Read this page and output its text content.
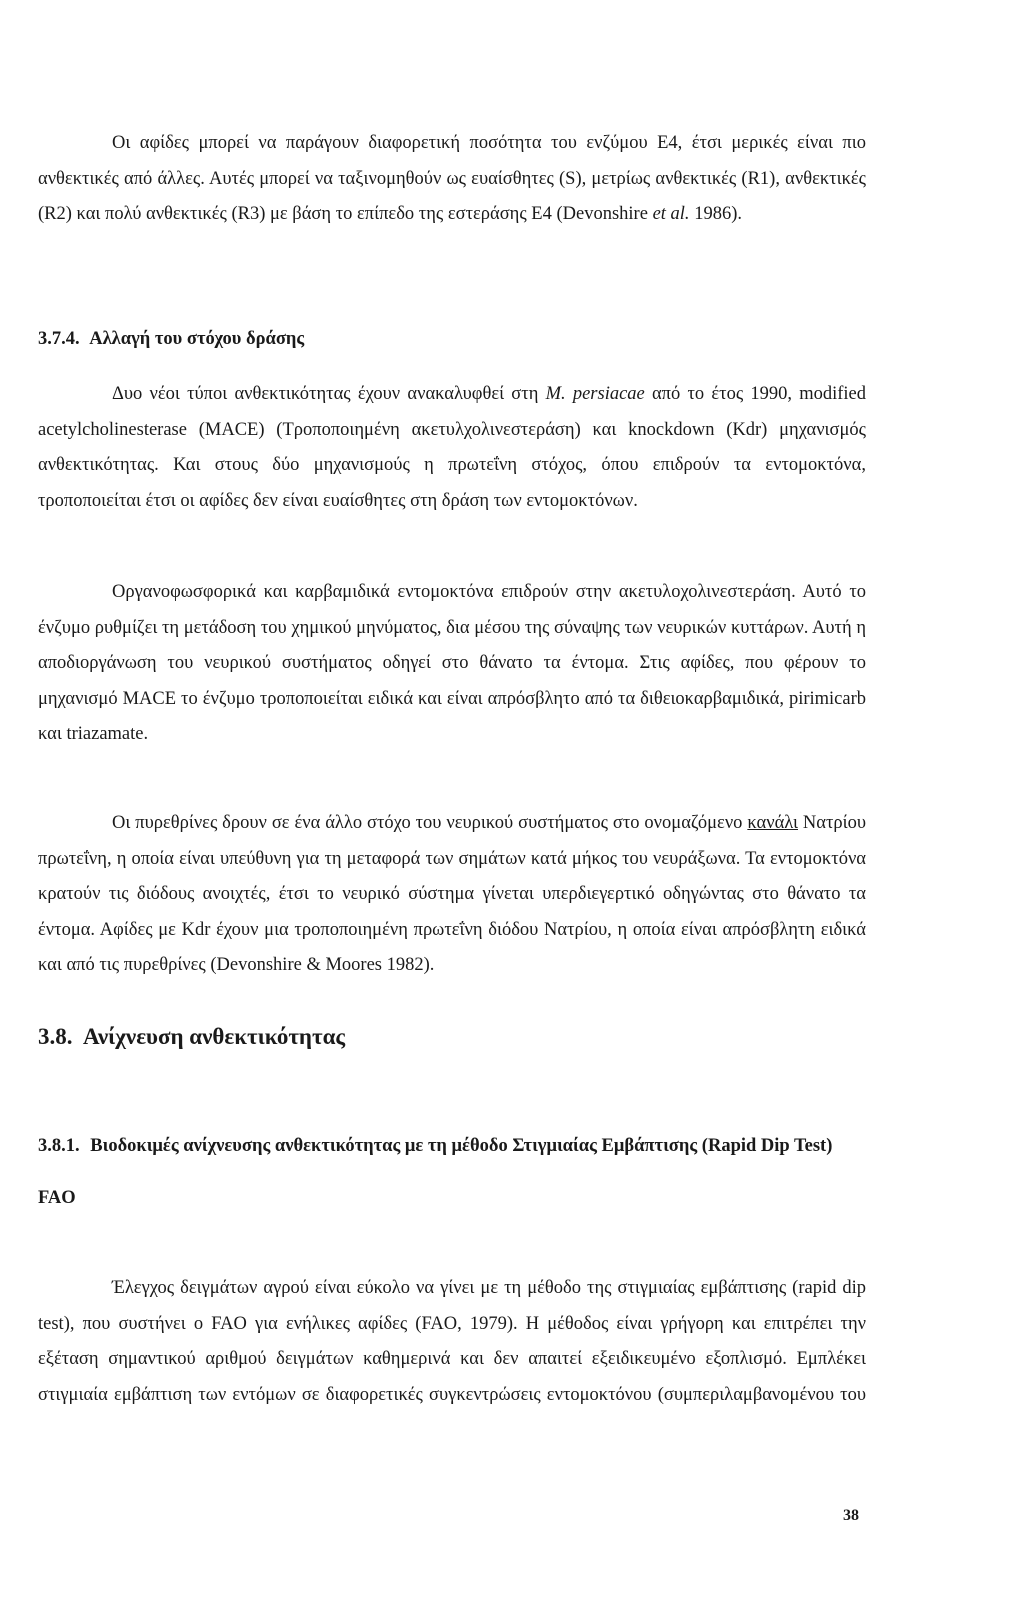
Οι αφίδες μπορεί να παράγουν διαφορετική ποσότητα του ενζύμου Ε4, έτσι μερικές είναι πιο ανθεκτικές από άλλες. Αυτές μπορεί να ταξινομηθούν ως ευαίσθητες (S), μετρίως ανθεκτικές (R1), ανθεκτικές (R2) και πολύ ανθεκτικές (R3) με βάση το επίπεδο της εστεράσης Ε4 (Devonshire et al. 1986).

3.7.4. Αλλαγή του στόχου δράσης

Δυο νέοι τύποι ανθεκτικότητας έχουν ανακαλυφθεί στη M. persiacae από το έτος 1990, modified acetylcholinesterase (MACE) (Τροποποιημένη ακετυλχολινεστεράση) και knockdown (Kdr) μηχανισμός ανθεκτικότητας. Και στους δύο μηχανισμούς η πρωτεΐνη στόχος, όπου επιδρούν τα εντομοκτόνα, τροποποιείται έτσι οι αφίδες δεν είναι ευαίσθητες στη δράση των εντομοκτόνων.

Οργανοφωσφορικά και καρβαμιδικά εντομοκτόνα επιδρούν στην ακετυλοχολινεστεράση. Αυτό το ένζυμο ρυθμίζει τη μετάδοση του χημικού μηνύματος, δια μέσου της σύναψης των νευρικών κυττάρων. Αυτή η αποδιοργάνωση του νευρικού συστήματος οδηγεί στο θάνατο τα έντομα. Στις αφίδες, που φέρουν το μηχανισμό MACE το ένζυμο τροποποιείται ειδικά και είναι απρόσβλητο από τα διθειοκαρβαμιδικά, pirimicarb και triazamate.

Οι πυρεθρίνες δρουν σε ένα άλλο στόχο του νευρικού συστήματος στο ονομαζόμενο κανάλι Νατρίου πρωτεΐνη, η οποία είναι υπεύθυνη για τη μεταφορά των σημάτων κατά μήκος του νευράξωνα. Τα εντομοκτόνα κρατούν τις διόδους ανοιχτές, έτσι το νευρικό σύστημα γίνεται υπερδιεγερτικό οδηγώντας στο θάνατο τα έντομα. Αφίδες με Kdr έχουν μια τροποποιημένη πρωτεΐνη διόδου Νατρίου, η οποία είναι απρόσβλητη ειδικά και από τις πυρεθρίνες (Devonshire & Moores 1982).

3.8. Ανίχνευση ανθεκτικότητας
3.8.1. Βιοδοκιμές ανίχνευσης ανθεκτικότητας με τη μέθοδο Στιγμιαίας Εμβάπτισης (Rapid Dip Test) FAO

Έλεγχος δειγμάτων αγρού είναι εύκολο να γίνει με τη μέθοδο της στιγμιαίας εμβάπτισης (rapid dip test), που συστήνει ο FAO για ενήλικες αφίδες (FAO, 1979). Η μέθοδος είναι γρήγορη και επιτρέπει την εξέταση σημαντικού αριθμού δειγμάτων καθημερινά και δεν απαιτεί εξειδικευμένο εξοπλισμό. Εμπλέκει στιγμιαία εμβάπτιση των εντόμων σε διαφορετικές συγκεντρώσεις εντομοκτόνου (συμπεριλαμβανομένου του

38
